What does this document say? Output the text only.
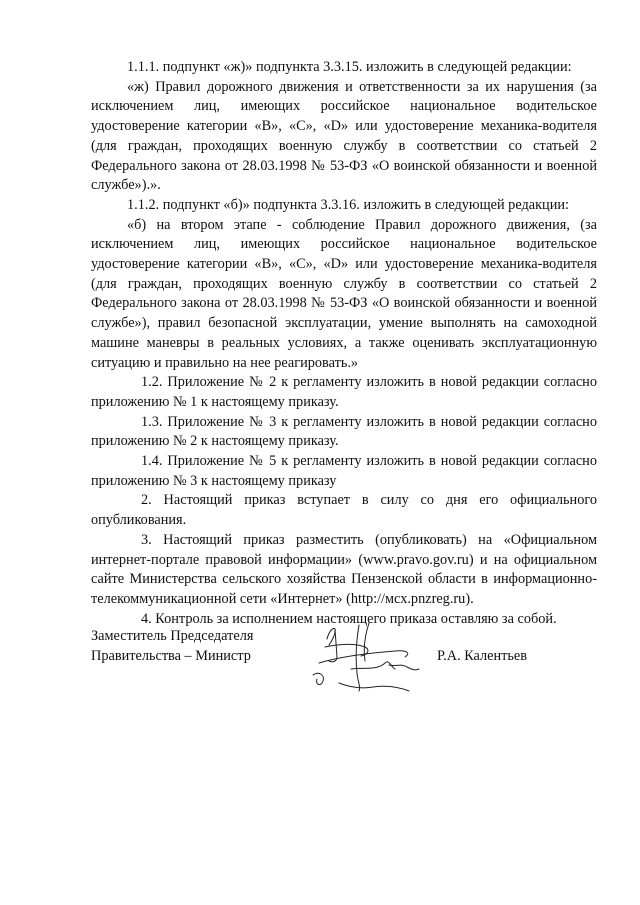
1.1.1. подпункт «ж)» подпункта 3.3.15. изложить в следующей редакции:

«ж) Правил дорожного движения и ответственности за их нарушения (за исключением лиц, имеющих российское национальное водительское удостоверение категории «B», «C», «D» или удостоверение механика-водителя (для граждан, проходящих военную службу в соответствии со статьей 2 Федерального закона от 28.03.1998 № 53-ФЗ «О воинской обязанности и военной службе»).».

1.1.2. подпункт «б)» подпункта 3.3.16. изложить в следующей редакции:

«б) на втором этапе - соблюдение Правил дорожного движения, (за исключением лиц, имеющих российское национальное водительское удостоверение категории «B», «C», «D» или удостоверение механика-водителя (для граждан, проходящих военную службу в соответствии со статьей 2 Федерального закона от 28.03.1998 № 53-ФЗ «О воинской обязанности и военной службе»), правил безопасной эксплуатации, умение выполнять на самоходной машине маневры в реальных условиях, а также оценивать эксплуатационную ситуацию и правильно на нее реагировать.»

1.2. Приложение № 2 к регламенту изложить в новой редакции согласно приложению № 1 к настоящему приказу.

1.3. Приложение № 3 к регламенту изложить в новой редакции согласно приложению № 2 к настоящему приказу.

1.4. Приложение № 5 к регламенту изложить в новой редакции согласно приложению № 3 к настоящему приказу

2. Настоящий приказ вступает в силу со дня его официального опубликования.

3. Настоящий приказ разместить (опубликовать) на «Официальном интернет-портале правовой информации» (www.pravo.gov.ru) и на официальном сайте Министерства сельского хозяйства Пензенской области в информационно-телекоммуникационной сети «Интернет» (http://мсх.pnzreg.ru).

4. Контроль за исполнением настоящего приказа оставляю за собой.

Заместитель Председателя
Правительства – Министр	Р.А. Калентьев
